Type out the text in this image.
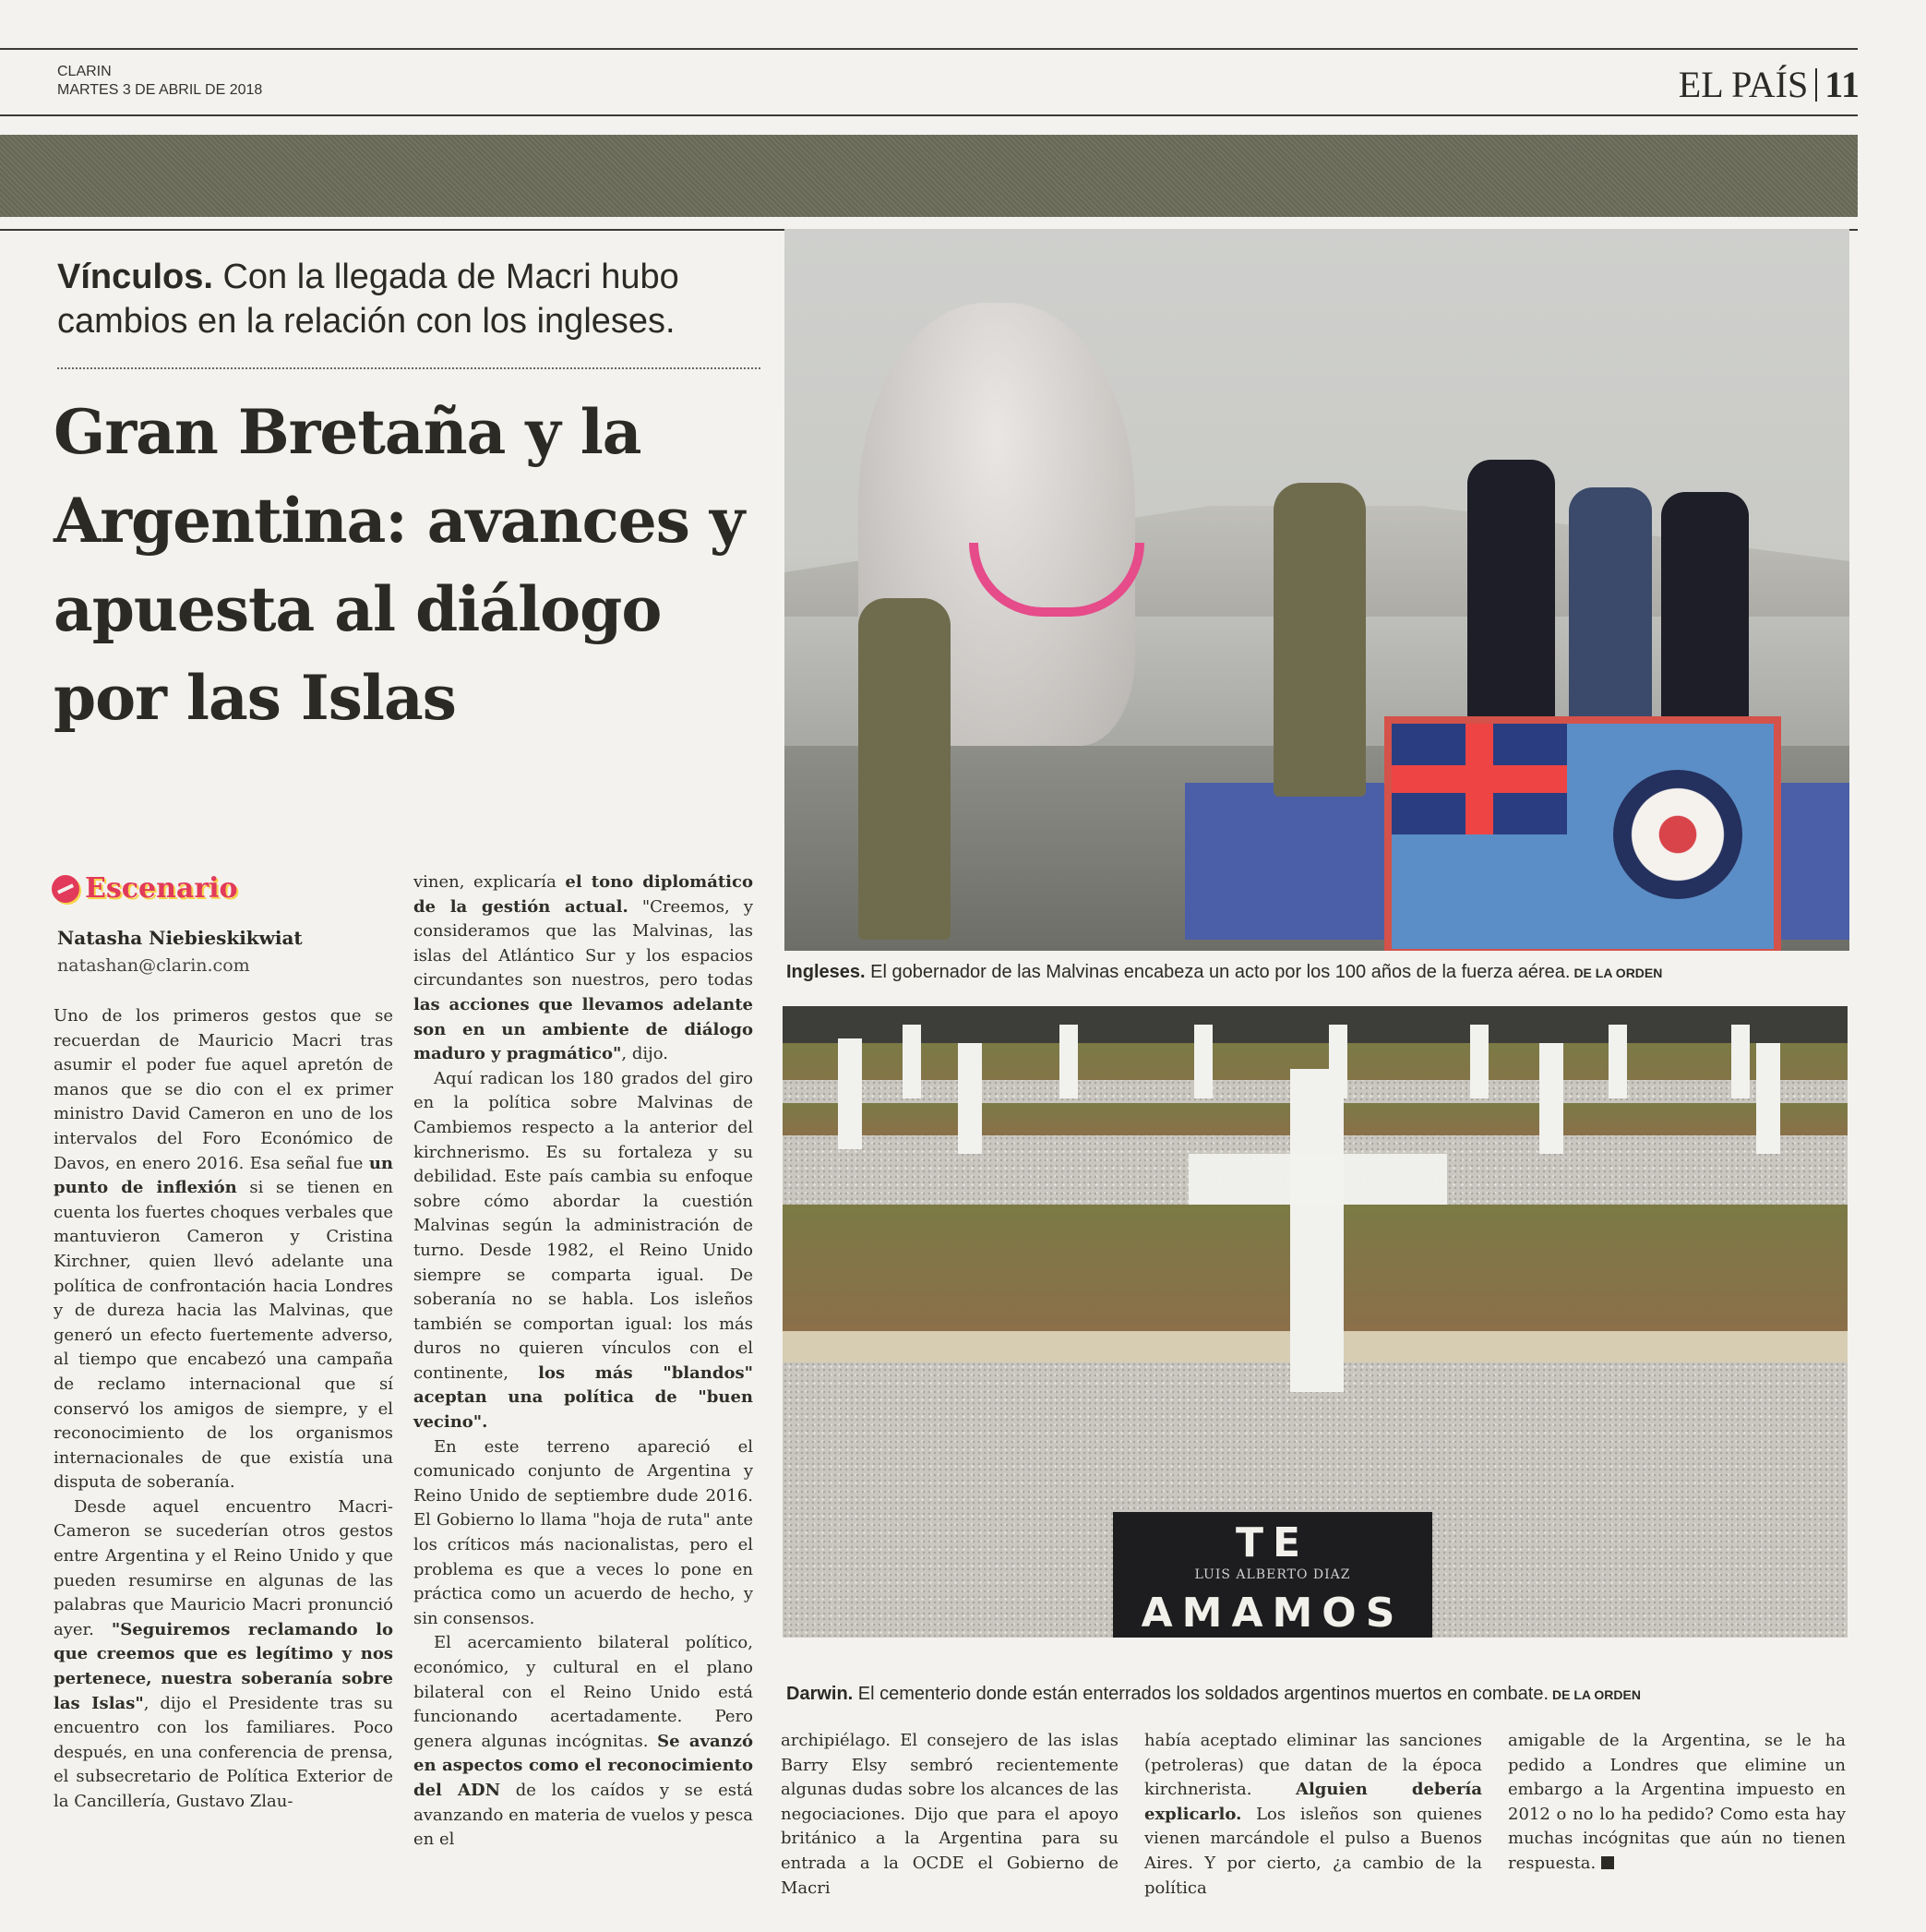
CLARIN
MARTES 3 DE ABRIL DE 2018	EL PAÍS 11
Vínculos. Con la llegada de Macri hubo cambios en la relación con los ingleses.
Gran Bretaña y la Argentina: avances y apuesta al diálogo por las Islas
Escenario
Natasha Niebieskikwiat
natashan@clarin.com

Uno de los primeros gestos que se recuerdan de Mauricio Macri tras asumir el poder fue aquel apretón de manos que se dio con el ex primer ministro David Cameron en uno de los intervalos del Foro Económico de Davos, en enero 2016. Esa señal fue un punto de inflexión si se tienen en cuenta los fuertes choques verbales que mantuvieron Cameron y Cristina Kirchner, quien llevó adelante una política de confrontación hacia Londres y de dureza hacia las Malvinas, que generó un efecto fuertemente adverso, al tiempo que encabezó una campaña de reclamo internacional que sí conservó los amigos de siempre, y el reconocimiento de los organismos internacionales de que existía una disputa de soberanía.

Desde aquel encuentro Macri-Cameron se sucederían otros gestos entre Argentina y el Reino Unido y que pueden resumirse en algunas de las palabras que Mauricio Macri pronunció ayer. "Seguiremos reclamando lo que creemos que es legítimo y nos pertenece, nuestra soberanía sobre las Islas", dijo el Presidente tras su encuentro con los familiares. Poco después, en una conferencia de prensa, el subsecretario de Política Exterior de la Cancillería, Gustavo Zlau-

vinen, explicaría el tono diplomático de la gestión actual. "Creemos, y consideramos que las Malvinas, las islas del Atlántico Sur y los espacios circundantes son nuestros, pero todas las acciones que llevamos adelante son en un ambiente de diálogo maduro y pragmático", dijo.

Aquí radican los 180 grados del giro en la política sobre Malvinas de Cambiemos respecto a la anterior del kirchnerismo. Es su fortaleza y su debilidad. Este país cambia su enfoque sobre cómo abordar la cuestión Malvinas según la administración de turno. Desde 1982, el Reino Unido siempre se comparta igual. De soberanía no se habla. Los isleños también se comportan igual: los más duros no quieren vínculos con el continente, los más "blandos" aceptan una política de "buen vecino".

En este terreno apareció el comunicado conjunto de Argentina y Reino Unido de septiembre dude 2016. El Gobierno lo llama "hoja de ruta" ante los críticos más nacionalistas, pero el problema es que a veces lo pone en práctica como un acuerdo de hecho, y sin consensos.

El acercamiento bilateral político, económico, y cultural en el plano bilateral con el Reino Unido está funcionando acertadamente. Pero genera algunas incógnitas. Se avanzó en aspectos como el reconocimiento del ADN de los caídos y se está avanzando en materia de vuelos y pesca en el

archipiélago. El consejero de las islas Barry Elsy sembró recientemente algunas dudas sobre los alcances de las negociaciones. Dijo que para el apoyo británico a la Argentina para su entrada a la OCDE el Gobierno de Macri

había aceptado eliminar las sanciones (petroleras) que datan de la época kirchnerista. Alguien debería explicarlo. Los isleños son quienes vienen marcándole el pulso a Buenos Aires. Y por cierto, ¿a cambio de la política

amigable de la Argentina, se le ha pedido a Londres que elimine un embargo a la Argentina impuesto en 2012 o no lo ha pedido? Como esta hay muchas incógnitas que aún no tienen respuesta.

Ingleses. El gobernador de las Malvinas encabeza un acto por los 100 años de la fuerza aérea. DE LA ORDEN
TE
LUIS ALBERTO DIAZ
AMAMOS
Darwin. El cementerio donde están enterrados los soldados argentinos muertos en combate. DE LA ORDEN
